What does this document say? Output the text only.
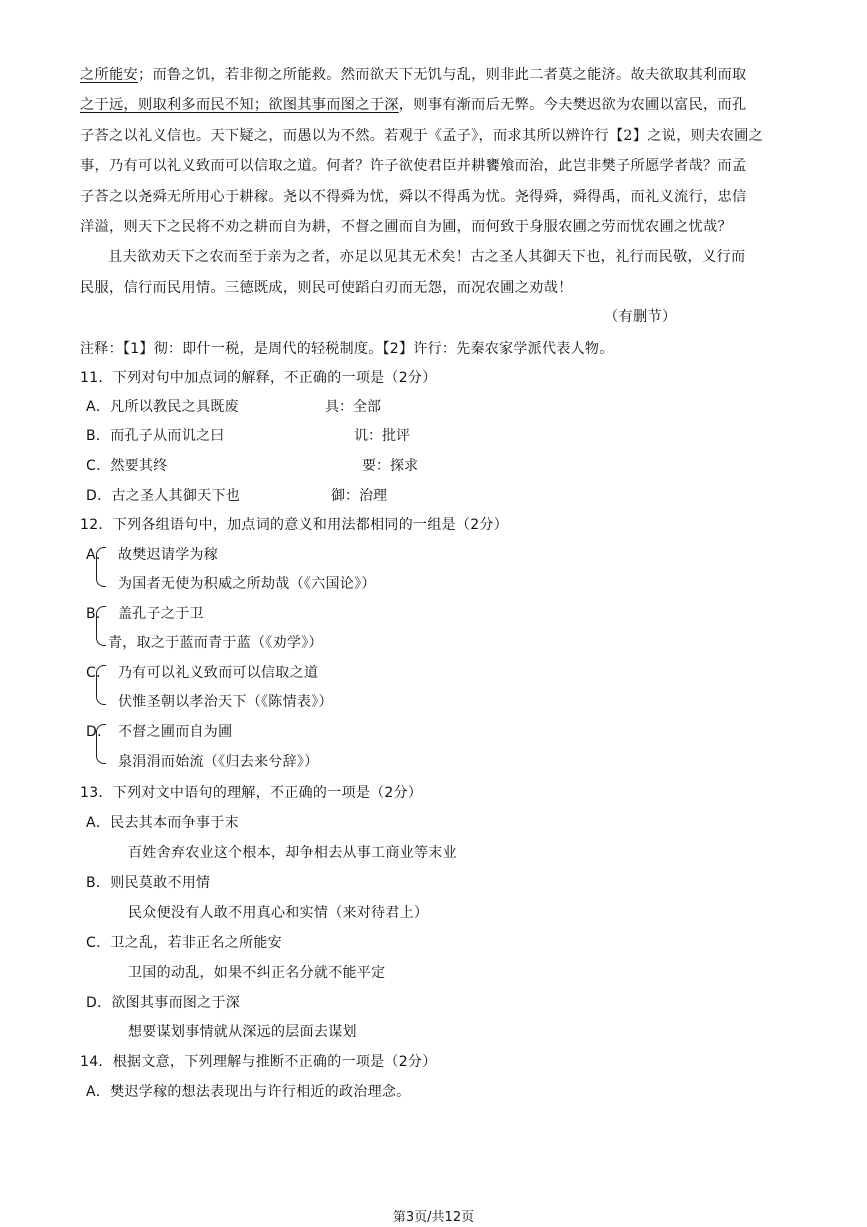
之所能安；而鲁之饥，若非彻之所能救。然而欲天下无饥与乱，则非此二者莫之能济。故夫欲取其利而取
之于远，则取利多而民不知；欲图其事而图之于深，则事有渐而后无弊。今夫樊迟欲为农圃以富民，而孔
子荅之以礼义信也。天下疑之，而愚以为不然。若观于《孟子》，而求其所以辨许行【2】之说，则夫农圃之
事，乃有可以礼义致而可以信取之道。何者？许子欲使君臣并耕饔飧而治，此岂非樊子所愿学者哉？而孟
子荅之以尧舜无所用心于耕稼。尧以不得舜为忧，舜以不得禹为忧。尧得舜，舜得禹，而礼义流行，忠信
洋溢，则天下之民将不劝之耕而自为耕，不督之圃而自为圃，而何致于身服农圃之劳而忧农圃之忧哉？
且夫欲劝天下之农而至于亲为之者，亦足以见其无术矣！古之圣人其御天下也，礼行而民敬，义行而
民服，信行而民用情。三德既成，则民可使蹈白刃而无怨，而况农圃之劝哉！
（有删节）
注释：【1】彻：即什一税，是周代的轻税制度。【2】许行：先秦农家学派代表人物。
11．下列对句中加点词的解释，不正确的一项是（2分）
A．凡所以教民之具既废	具：全部
B．而孔子从而讥之曰	讥：批评
C．然要其终	要：探求
D．古之圣人其御天下也	御：治理
12．下列各组语句中，加点词的意义和用法都相同的一组是（2分）
A． 故樊迟请学为稼
为国者无使为积威之所劫哉（《六国论》）
B． 盖孔子之于卫
青，取之于蓝而青于蓝（《劝学》）
C． 乃有可以礼义致而可以信取之道
伏惟圣朝以孝治天下（《陈情表》）
D． 不督之圃而自为圃
泉涓涓而始流（《归去来兮辞》）
13．下列对文中语句的理解，不正确的一项是（2分）
A．民去其本而争事于末
百姓舍弃农业这个根本，却争相去从事工商业等末业
B．则民莫敢不用情
民众便没有人敢不用真心和实情（来对待君上）
C．卫之乱，若非正名之所能安
卫国的动乱，如果不纠正名分就不能平定
D．欲图其事而图之于深
想要谋划事情就从深远的层面去谋划
14．根据文意，下列理解与推断不正确的一项是（2分）
A．樊迟学稼的想法表现出与许行相近的政治理念。
第3页/共12页
